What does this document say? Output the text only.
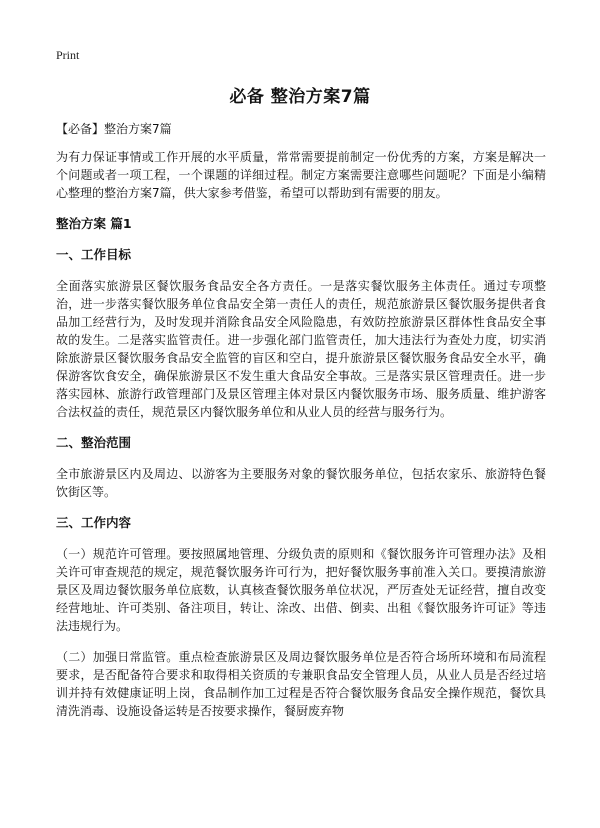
Print
必备 整治方案7篇
【必备】整治方案7篇

为有力保证事情或工作开展的水平质量，常常需要提前制定一份优秀的方案，方案是解决一个问题或者一项工程，一个课题的详细过程。制定方案需要注意哪些问题呢？下面是小编精心整理的整治方案7篇，供大家参考借鉴，希望可以帮助到有需要的朋友。

整治方案 篇1
一、工作目标

全面落实旅游景区餐饮服务食品安全各方责任。一是落实餐饮服务主体责任。通过专项整治，进一步落实餐饮服务单位食品安全第一责任人的责任，规范旅游景区餐饮服务提供者食品加工经营行为，及时发现并消除食品安全风险隐患，有效防控旅游景区群体性食品安全事故的发生。二是落实监管责任。进一步强化部门监管责任，加大违法行为查处力度，切实消除旅游景区餐饮服务食品安全监管的盲区和空白，提升旅游景区餐饮服务食品安全水平，确保游客饮食安全，确保旅游景区不发生重大食品安全事故。三是落实景区管理责任。进一步落实园林、旅游行政管理部门及景区管理主体对景区内餐饮服务市场、服务质量、维护游客合法权益的责任，规范景区内餐饮服务单位和从业人员的经营与服务行为。

二、整治范围

全市旅游景区内及周边、以游客为主要服务对象的餐饮服务单位，包括农家乐、旅游特色餐饮街区等。

三、工作内容

（一）规范许可管理。要按照属地管理、分级负责的原则和《餐饮服务许可管理办法》及相关许可审查规范的规定，规范餐饮服务许可行为，把好餐饮服务事前准入关口。要摸清旅游景区及周边餐饮服务单位底数，认真核查餐饮服务单位状况，严厉查处无证经营，擅自改变经营地址、许可类别、备注项目，转让、涂改、出借、倒卖、出租《餐饮服务许可证》等违法违规行为。

（二）加强日常监管。重点检查旅游景区及周边餐饮服务单位是否符合场所环境和布局流程要求，是否配备符合要求和取得相关资质的专兼职食品安全管理人员，从业人员是否经过培训并持有效健康证明上岗，食品制作加工过程是否符合餐饮服务食品安全操作规范，餐饮具清洗消毒、设施设备运转是否按要求操作，餐厨废弃物
